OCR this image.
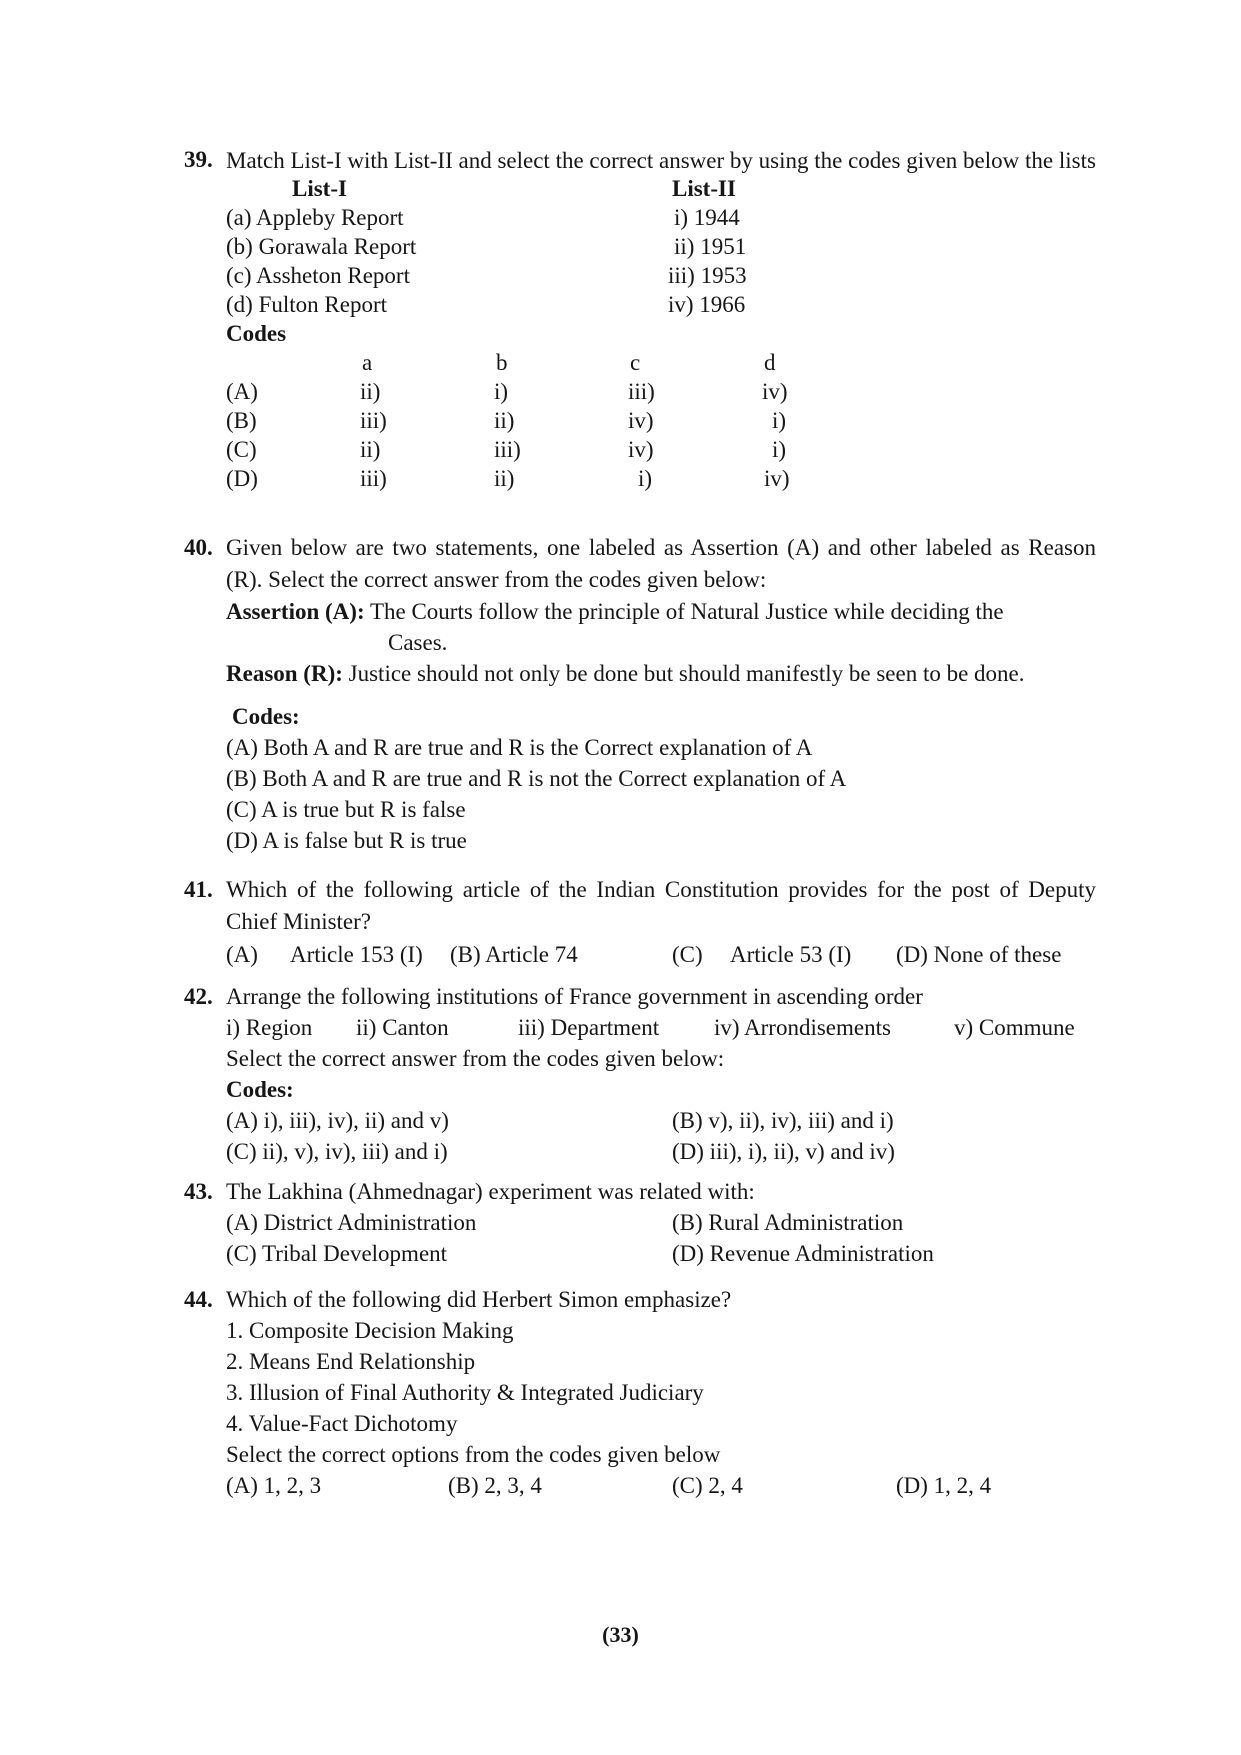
39. Match List-I with List-II and select the correct answer by using the codes given below the lists
List-I	List-II
(a) Appleby Report	i) 1944
(b) Gorawala Report	ii) 1951
(c) Assheton Report	iii) 1953
(d) Fulton Report	iv) 1966
Codes
a	b	c	d
(A)	ii)	i)	iii)	iv)
(B)	iii)	ii)	iv)	i)
(C)	ii)	iii)	iv)	i)
(D)	iii)	ii)	i)	iv)
40. Given below are two statements, one labeled as Assertion (A) and other labeled as Reason (R). Select the correct answer from the codes given below:
Assertion (A): The Courts follow the principle of Natural Justice while deciding the
Cases.
Reason (R): Justice should not only be done but should manifestly be seen to be done.
Codes:
(A) Both A and R are true and R is the Correct explanation of A
(B) Both A and R are true and R is not the Correct explanation of A
(C) A is true but R is false
(D) A is false but R is true
41. Which of the following article of the Indian Constitution provides for the post of Deputy Chief Minister?
(A) Article 153 (I) (B) Article 74	(C) Article 53 (I) (D) None of these
42. Arrange the following institutions of France government in ascending order
i) Region ii) Canton	iii) Department iv) Arrondisements	v) Commune
Select the correct answer from the codes given below:
Codes:
(A) i), iii), iv), ii) and v)	(B) v), ii), iv), iii) and i)
(C) ii), v), iv), iii) and i)	(D) iii), i), ii), v) and iv)
43. The Lakhina (Ahmednagar) experiment was related with:
(A) District Administration	(B) Rural Administration
(C) Tribal Development	(D) Revenue Administration
44. Which of the following did Herbert Simon emphasize?
1. Composite Decision Making
2. Means End Relationship
3. Illusion of Final Authority & Integrated Judiciary
4. Value-Fact Dichotomy
Select the correct options from the codes given below
(A) 1, 2, 3	(B) 2, 3, 4	(C) 2, 4	(D) 1, 2, 4
(33)
